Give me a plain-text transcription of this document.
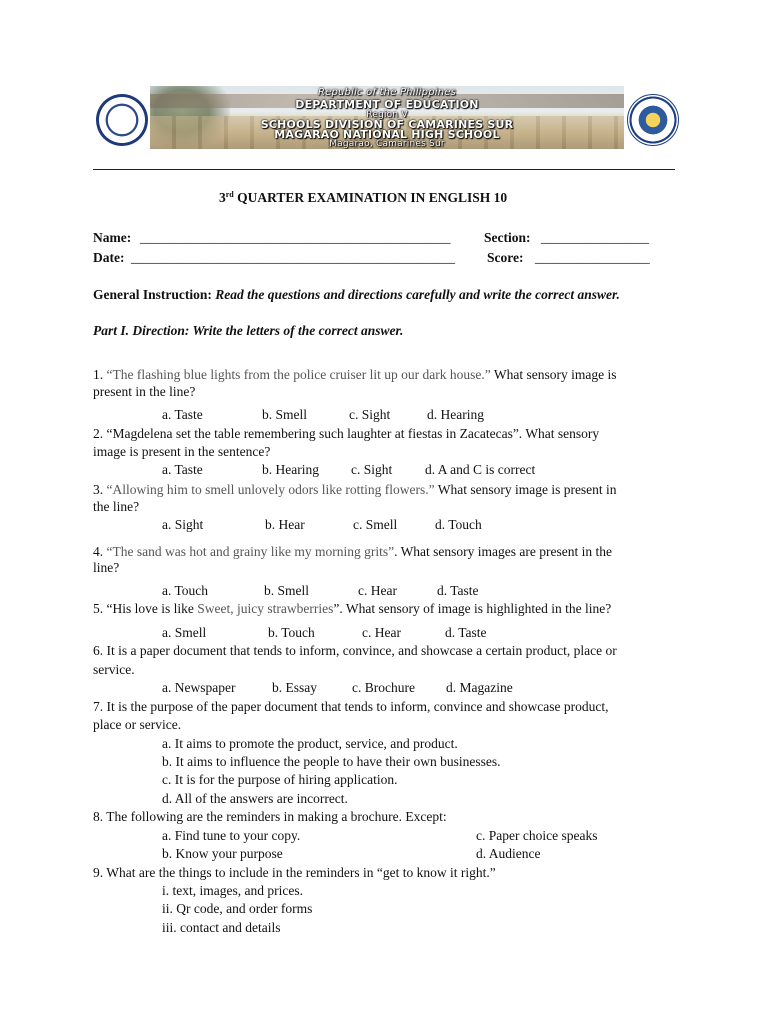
Republic of the Philippines
DEPARTMENT OF EDUCATION
Region V
SCHOOLS DIVISION OF CAMARINES SUR
MAGARAO NATIONAL HIGH SCHOOL
Magarao, Camarines Sur
3rd QUARTER EXAMINATION IN ENGLISH 10
Name: ______________________________________________ Section: ________________
Date: ________________________________________________ Score: _________________
General Instruction: Read the questions and directions carefully and write the correct answer.
Part I. Direction: Write the letters of the correct answer.
1. “The flashing blue lights from the police cruiser lit up our dark house.” What sensory image is
present in the line?
a. Taste	b. Smell	c. Sight	d. Hearing
2. “Magdelena set the table remembering such laughter at fiestas in Zacatecas”. What sensory
image is present in the sentence?
a. Taste	b. Hearing c. Sight d. A and C is correct
3. “Allowing him to smell unlovely odors like rotting flowers.” What sensory image is present in
the line?
a. Sight	b. Hear	c. Smell	d. Touch
4. “The sand was hot and grainy like my morning grits”. What sensory images are present in the
line?
a. Touch	b. Smell	c. Hear	d. Taste
5. “His love is like Sweet, juicy strawberries”. What sensory of image is highlighted in the line?
a. Smell	b. Touch	c. Hear	d. Taste
6. It is a paper document that tends to inform, convince, and showcase a certain product, place or
service.
a. Newspaper	b. Essay	c. Brochure d. Magazine
7. It is the purpose of the paper document that tends to inform, convince and showcase product,
place or service.
a. It aims to promote the product, service, and product.
b. It aims to influence the people to have their own businesses.
c. It is for the purpose of hiring application.
d. All of the answers are incorrect.
8. The following are the reminders in making a brochure. Except:
a. Find tune to your copy.	c. Paper choice speaks
b. Know your purpose	d. Audience
9. What are the things to include in the reminders in “get to know it right.”
i. text, images, and prices.
ii. Qr code, and order forms
iii. contact and details
